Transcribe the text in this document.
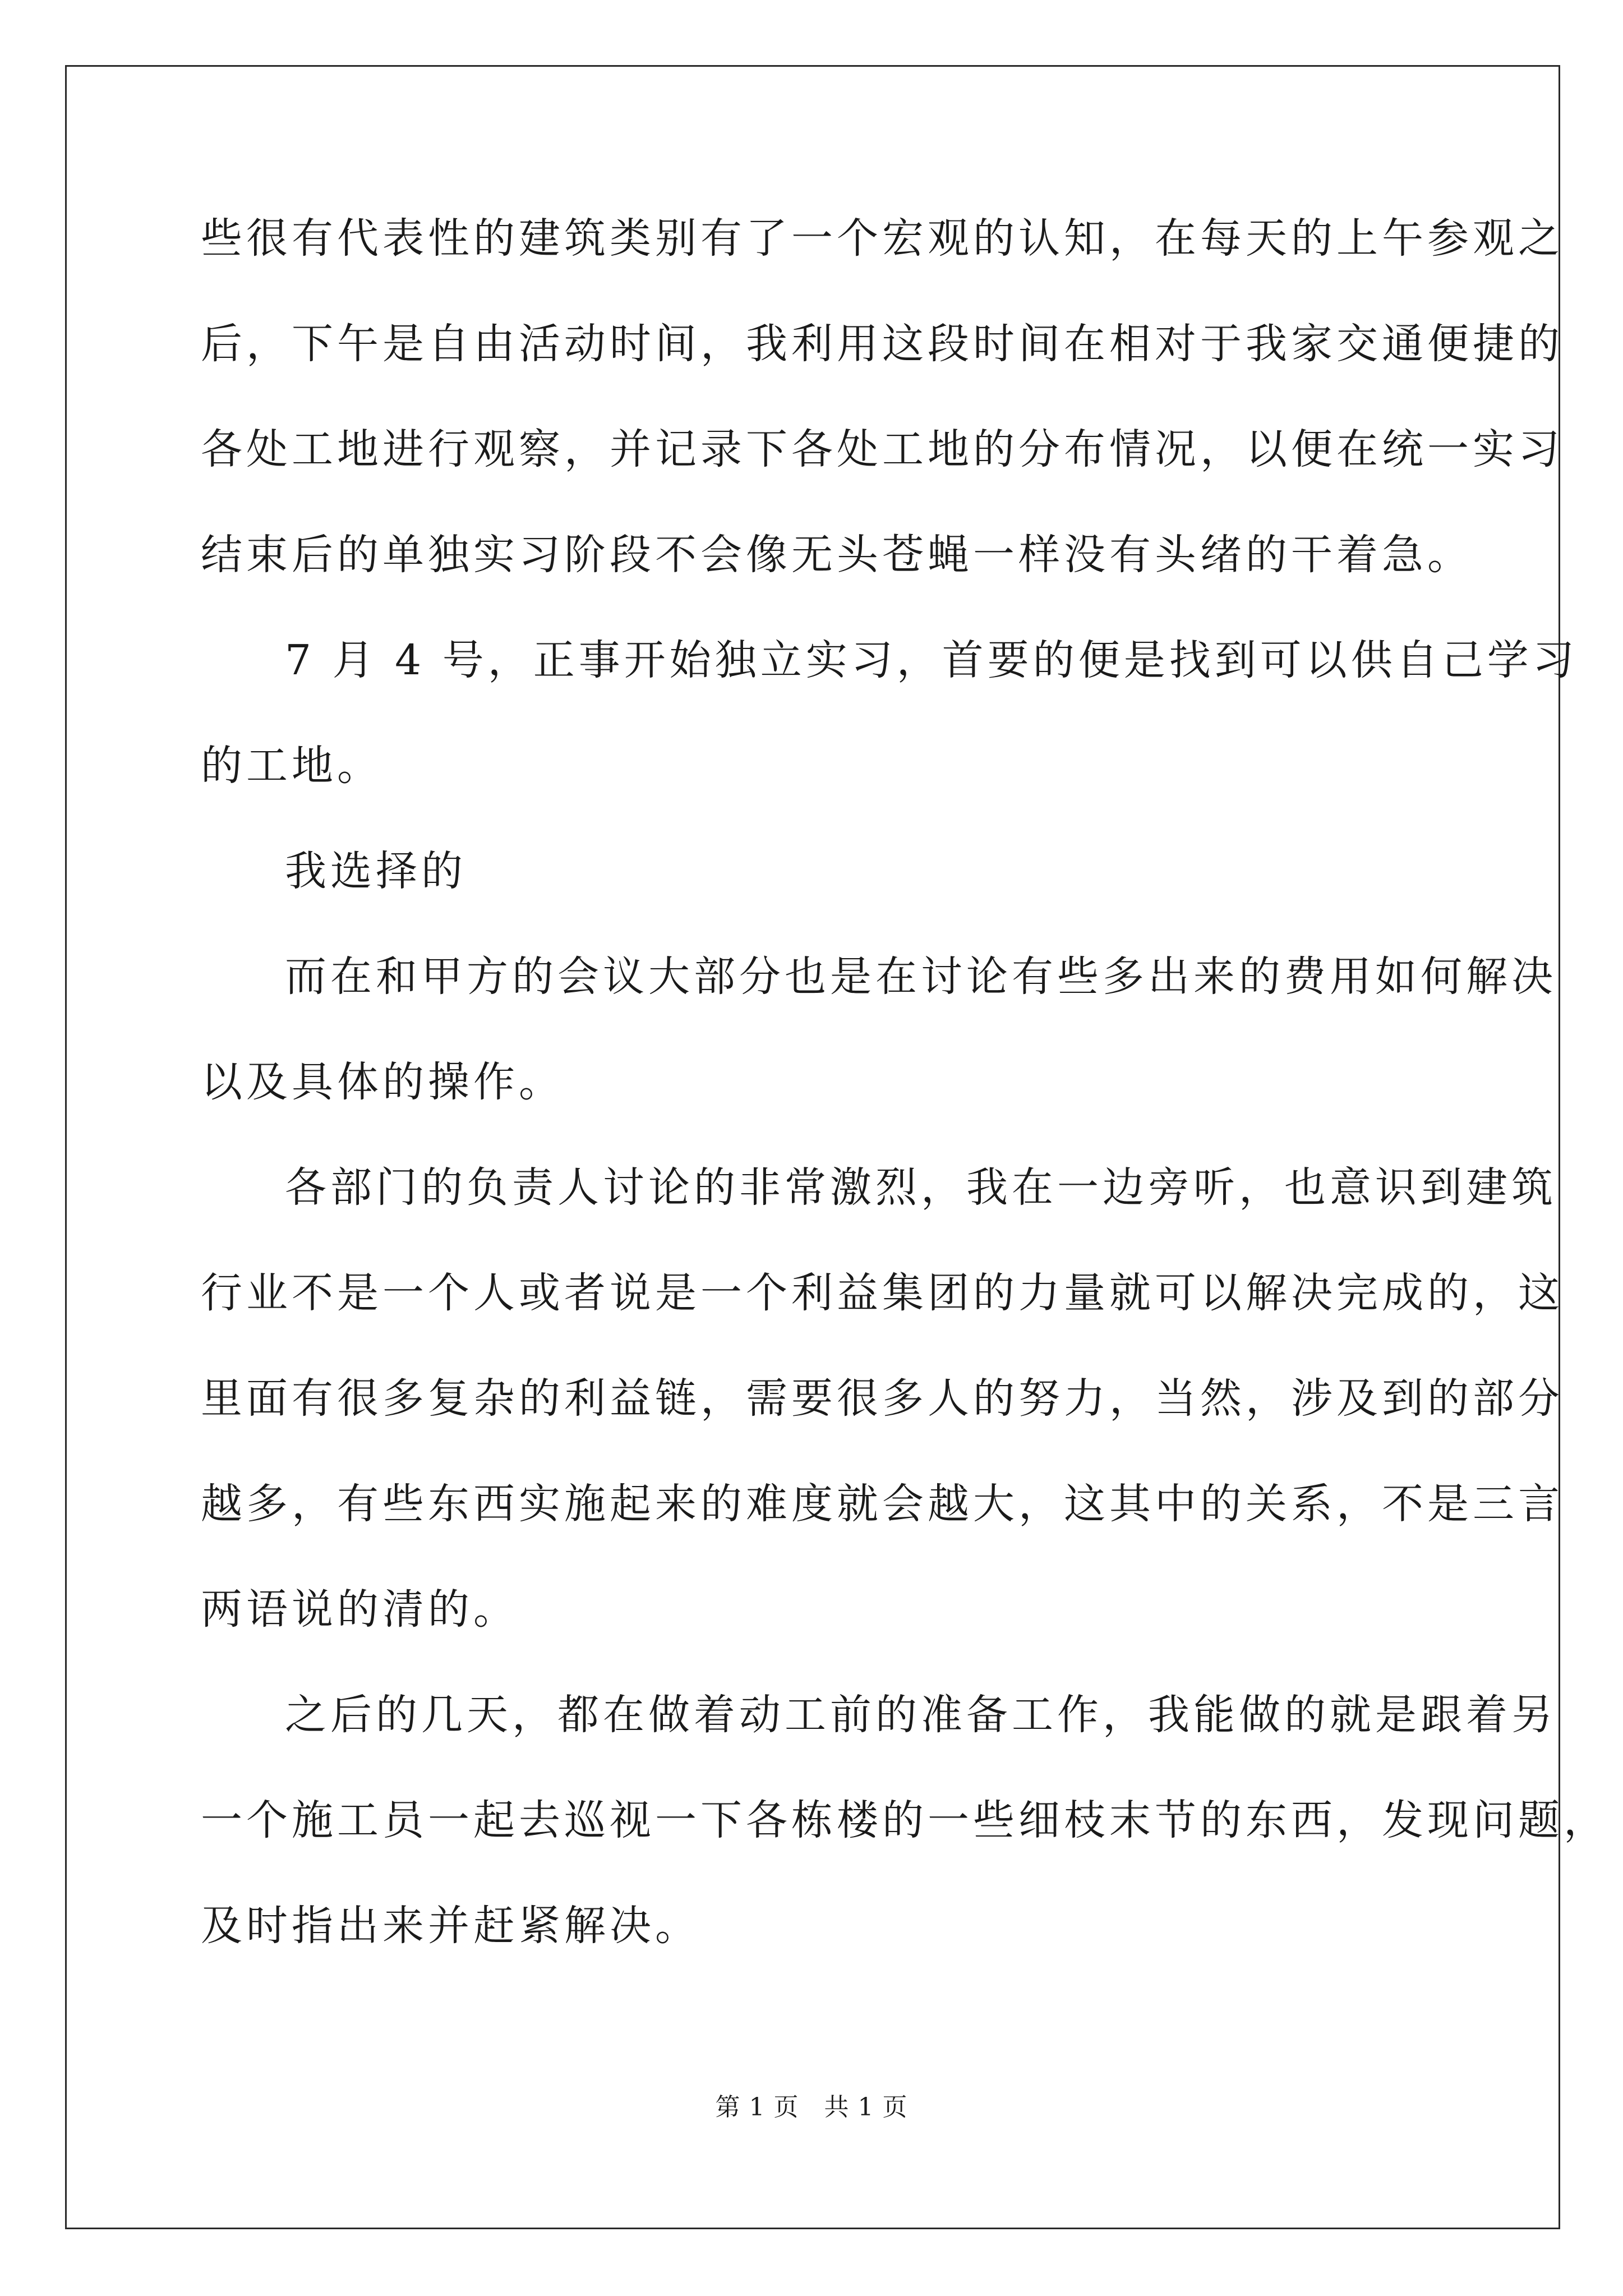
些很有代表性的建筑类别有了一个宏观的认知，在每天的上午参观之
后，下午是自由活动时间，我利用这段时间在相对于我家交通便捷的
各处工地进行观察，并记录下各处工地的分布情况，以便在统一实习
结束后的单独实习阶段不会像无头苍蝇一样没有头绪的干着急。
7 月 4 号，正事开始独立实习，首要的便是找到可以供自己学习
的工地。
我选择的
而在和甲方的会议大部分也是在讨论有些多出来的费用如何解决
以及具体的操作。
各部门的负责人讨论的非常激烈，我在一边旁听，也意识到建筑
行业不是一个人或者说是一个利益集团的力量就可以解决完成的，这
里面有很多复杂的利益链，需要很多人的努力，当然，涉及到的部分
越多，有些东西实施起来的难度就会越大，这其中的关系，不是三言
两语说的清的。
之后的几天，都在做着动工前的准备工作，我能做的就是跟着另
一个施工员一起去巡视一下各栋楼的一些细枝末节的东西，发现问题，
及时指出来并赶紧解决。
第 1 页   共 1 页
